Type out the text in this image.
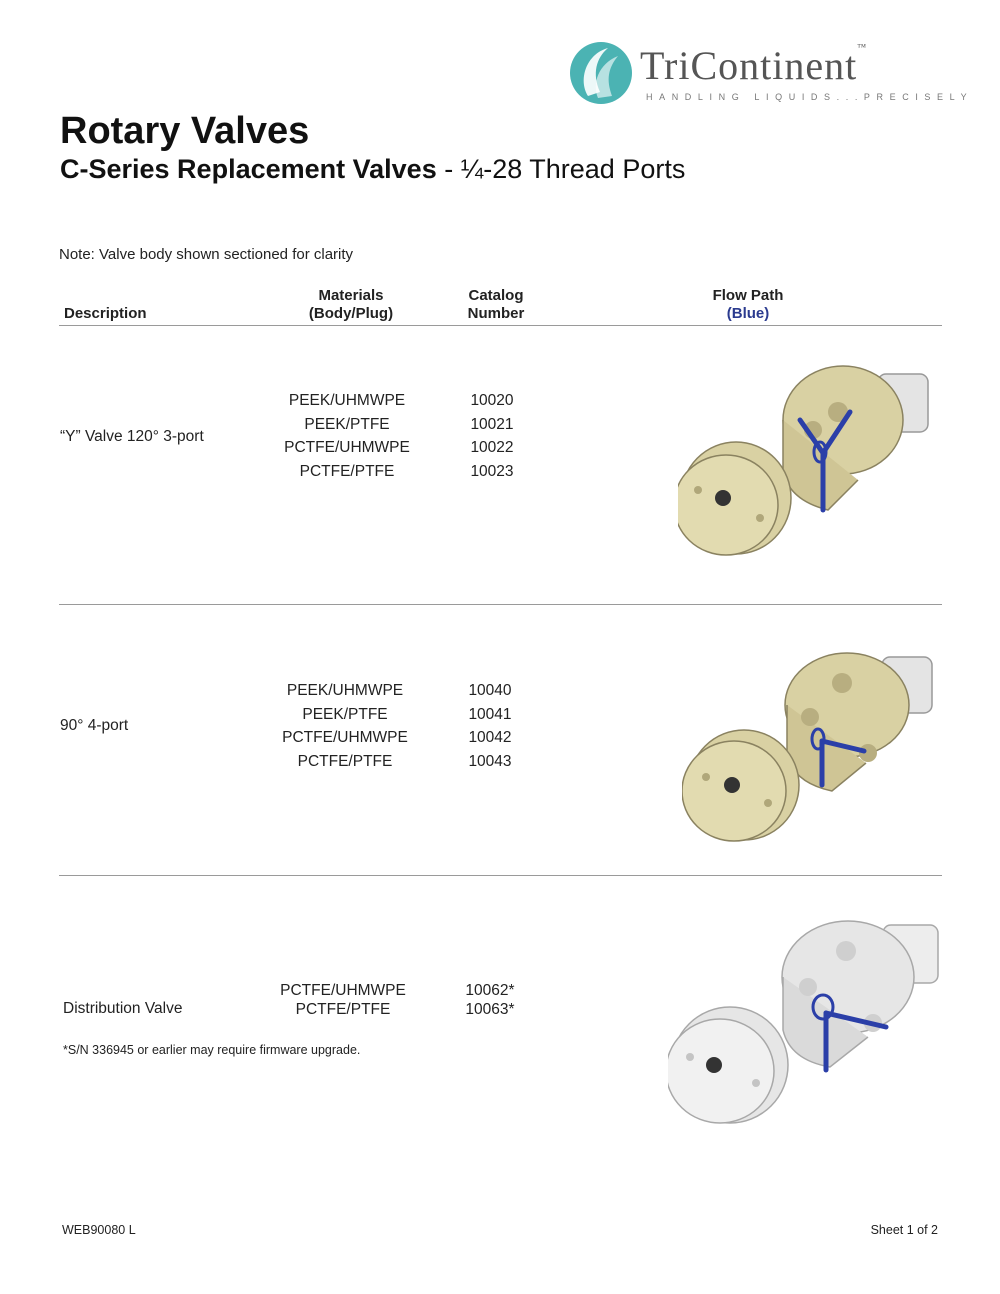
TriContinent™
HANDLING LIQUIDS...PRECISELY
Rotary Valves
C-Series Replacement Valves - ¼-28 Thread Ports
Note: Valve body shown sectioned for clarity
Description
Materials
(Body/Plug)
Catalog
Number
Flow Path
(Blue)
“Y” Valve 120° 3-port
PEEK/UHMWPE
PEEK/PTFE
PCTFE/UHMWPE
PCTFE/PTFE
10020
10021
10022
10023
90° 4-port
PEEK/UHMWPE
PEEK/PTFE
PCTFE/UHMWPE
PCTFE/PTFE
10040
10041
10042
10043
Distribution Valve
PCTFE/UHMWPE
PCTFE/PTFE
10062*
10063*
*S/N 336945 or earlier may require firmware upgrade.
WEB90080 L	Sheet 1 of 2
